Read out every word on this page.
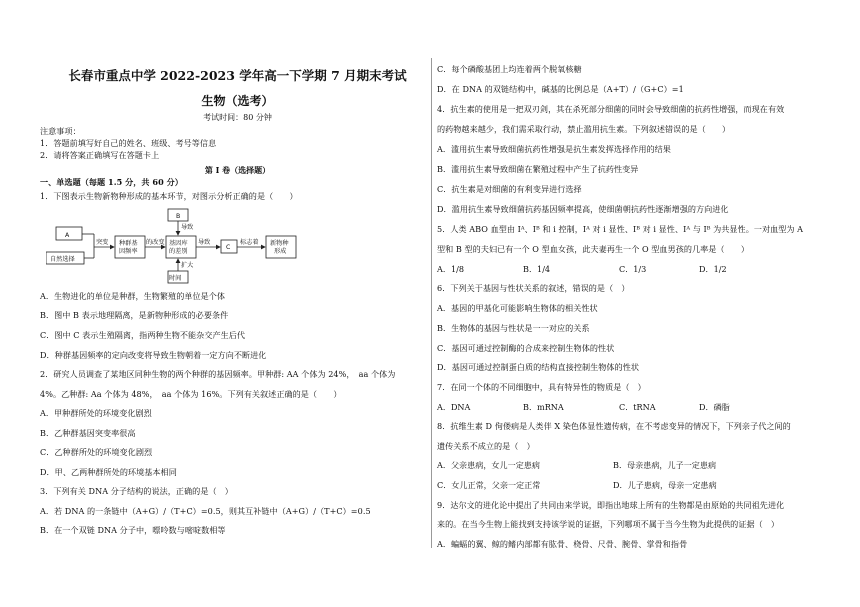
长春市重点中学 2022-2023 学年高一下学期 7 月期末考试
生物（选考）
考试时间：80 分钟
注意事项：
1．答题前填写好自己的姓名、班级、考号等信息
2．请将答案正确填写在答题卡上
第 I 卷（选择题）
一、单选题（每题 1.5 分，共 60 分）
1．下图表示生物新物种形成的基本环节，对图示分析正确的是（　　）
A
自然选择
突变 种群基
因频率
的改变 基因库
的差别
B
导致
时间
扩大
导致
C
标志着 新物种
形成
A．生物进化的单位是种群，生物繁殖的单位是个体
B．图中 B 表示地理隔离，是新物种形成的必要条件
C．图中 C 表示生殖隔离，指两种生物不能杂交产生后代
D．种群基因频率的定向改变将导致生物朝着一定方向不断进化
2．研究人员调查了某地区同种生物的两个种群的基因频率。甲种群: AA 个体为 24%，　aa 个体为
4%。乙种群: Aa 个体为 48%，　aa 个体为 16%。下列有关叙述正确的是（　　）
A．甲种群所处的环境变化剧烈
B．乙种群基因突变率很高
C．乙种群所处的环境变化剧烈
D．甲、乙两种群所处的环境基本相同
3．下列有关 DNA 分子结构的说法，正确的是（　）
A．若 DNA 的一条链中（A+G）/（T+C）=0.5，则其互补链中（A+G）/（T+C）=0.5
B．在一个双链 DNA 分子中，嘌呤数与嘧啶数相等
C．每个磷酸基团上均连着两个脱氧核糖
D．在 DNA 的双链结构中，碱基的比例总是（A+T）/（G+C）=1
4．抗生素的使用是一把双刃剑，其在杀死部分细菌的同时会导致细菌的抗药性增强，而现在有效
的药物越来越少，我们需采取行动，禁止滥用抗生素。下列叙述错误的是（　　）
A．滥用抗生素导致细菌抗药性增强是抗生素发挥选择作用的结果
B．滥用抗生素导致细菌在繁殖过程中产生了抗药性变异
C．抗生素是对细菌的有利变异进行选择
D．滥用抗生素导致细菌抗药基因频率提高，使细菌朝抗药性逐渐增强的方向进化
5．人类 ABO 血型由 Iᴬ、Iᴮ 和 i 控制，Iᴬ 对 i 显性、Iᴮ 对 i 显性、Iᴬ 与 Iᴮ 为共显性。一对血型为 A
型和 B 型的夫妇已有一个 O 型血女孩，此夫妻再生一个 O 型血男孩的几率是（　　）
A．1/8	B．1/4	C．1/3	D．1/2
6．下列关于基因与性状关系的叙述，错误的是（　）
A．基因的甲基化可能影响生物体的相关性状
B．生物体的基因与性状是一一对应的关系
C．基因可通过控制酶的合成来控制生物体的性状
D．基因可通过控制蛋白质的结构直接控制生物体的性状
7．在同一个体的不同细胞中，具有特异性的物质是（　）
A．DNA	B．mRNA	C．tRNA	D．磷脂
8．抗维生素 D 佝偻病是人类伴 X 染色体显性遗传病，在不考虑变异的情况下，下列亲子代之间的
遗传关系不成立的是（　）
A．父亲患病，女儿一定患病	B．母亲患病，儿子一定患病
C．女儿正常，父亲一定正常	D．儿子患病，母亲一定患病
9．达尔文的进化论中提出了共同由来学说，即指出地球上所有的生物都是由原始的共同祖先进化
来的。在当今生物上能找到支持该学说的证据，下列哪项不属于当今生物为此提供的证据（　）
A．蝙蝠的翼、鲸的鳍内部都有肱骨、桡骨、尺骨、腕骨、掌骨和指骨
